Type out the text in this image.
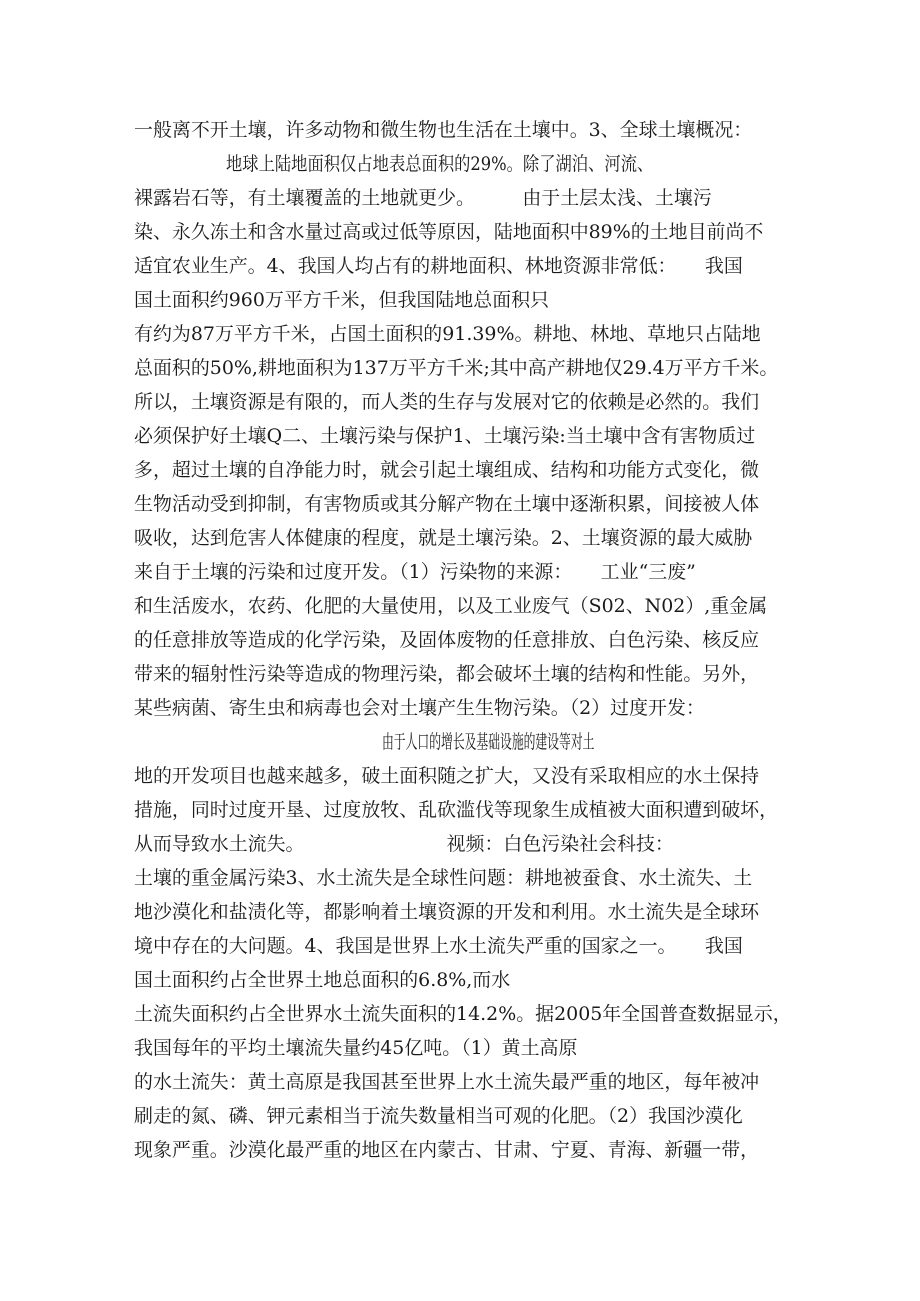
一般离不开土壤，许多动物和微生物也生活在土壤中。3、全球土壤概况：
地球上陆地面积仅占地表总面积的29%。除了湖泊、河流、
裸露岩石等，有土壤覆盖的土地就更少。　　　由于土层太浅、土壤污
染、永久冻土和含水量过高或过低等原因，陆地面积中89%的土地目前尚不
适宜农业生产。4、我国人均占有的耕地面积、林地资源非常低：　　我国
国土面积约960万平方千米，但我国陆地总面积只
有约为87万平方千米，占国土面积的91.39%。耕地、林地、草地只占陆地
总面积的50%,耕地面积为137万平方千米;其中高产耕地仅29.4万平方千米。
所以，土壤资源是有限的，而人类的生存与发展对它的依赖是必然的。我们
必须保护好土壤Q二、土壤污染与保护1、土壤污染:当土壤中含有害物质过
多，超过土壤的自净能力时，就会引起土壤组成、结构和功能方式变化，微
生物活动受到抑制，有害物质或其分解产物在土壤中逐渐积累，间接被人体
吸收，达到危害人体健康的程度，就是土壤污染。2、土壤资源的最大威胁
来自于土壤的污染和过度开发。（1）污染物的来源：　　工业“三废”
和生活废水，农药、化肥的大量使用，以及工业废气（S02、N02）,重金属
的任意排放等造成的化学污染，及固体废物的任意排放、白色污染、核反应
带来的辐射性污染等造成的物理污染，都会破坏土壤的结构和性能。另外，
某些病菌、寄生虫和病毒也会对土壤产生生物污染。（2）过度开发：
由于人口的增长及基础设施的建设等对土
地的开发项目也越来越多，破土面积随之扩大，又没有采取相应的水土保持
措施，同时过度开垦、过度放牧、乱砍滥伐等现象生成植被大面积遭到破坏，
从而导致水土流失。　　　　　　　　视频：白色污染社会科技：
土壤的重金属污染3、水土流失是全球性问题：耕地被蚕食、水土流失、土
地沙漠化和盐渍化等，都影响着土壤资源的开发和利用。水土流失是全球环
境中存在的大问题。4、我国是世界上水土流失严重的国家之一。　　我国
国土面积约占全世界土地总面积的6.8%,而水
土流失面积约占全世界水土流失面积的14.2%。据2005年全国普查数据显示，
我国每年的平均土壤流失量约45亿吨。（1）黄土高原
的水土流失：黄土高原是我国甚至世界上水土流失最严重的地区，每年被冲
刷走的氮、磷、钾元素相当于流失数量相当可观的化肥。（2）我国沙漠化
现象严重。沙漠化最严重的地区在内蒙古、甘肃、宁夏、青海、新疆一带，
